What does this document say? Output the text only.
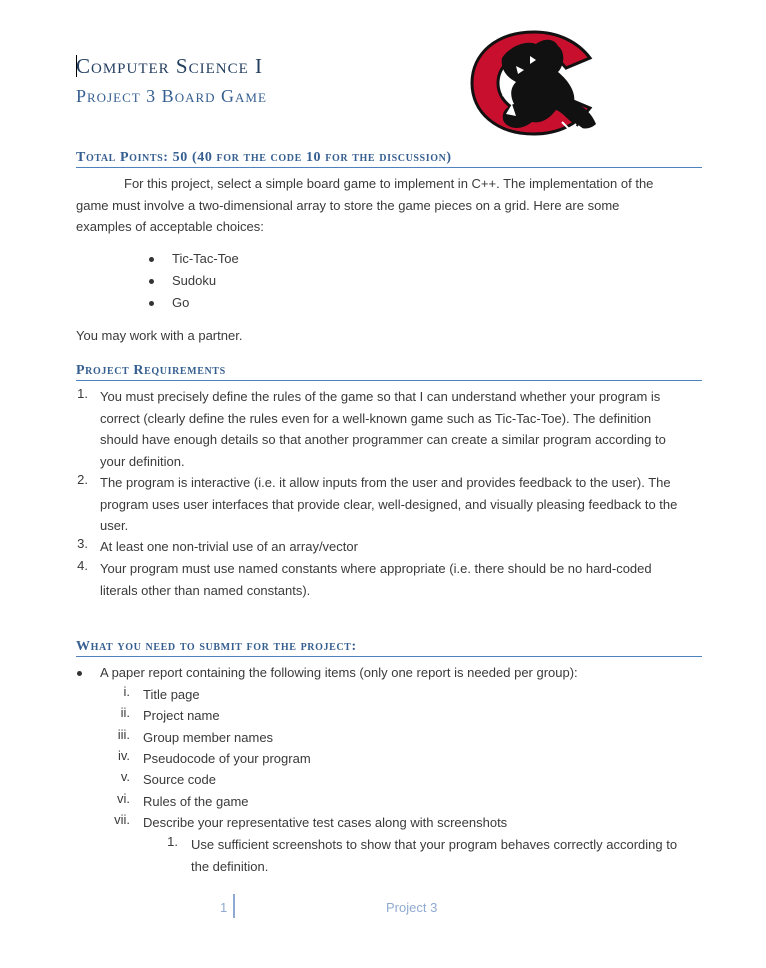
Computer Science I
Project 3 Board Game
Total Points: 50 (40 for the code 10 for the discussion)
For this project, select a simple board game to implement in C++. The implementation of the
game must involve a two-dimensional array to store the game pieces on a grid. Here are some
examples of acceptable choices:
Tic-Tac-Toe
Sudoku
Go
You may work with a partner.
Project Requirements
1. You must precisely define the rules of the game so that I can understand whether your program is
correct (clearly define the rules even for a well-known game such as Tic-Tac-Toe). The definition
should have enough details so that another programmer can create a similar program according to
your definition.
2. The program is interactive (i.e. it allow inputs from the user and provides feedback to the user). The
program uses user interfaces that provide clear, well-designed, and visually pleasing feedback to the
user.
3. At least one non-trivial use of an array/vector
4. Your program must use named constants where appropriate (i.e. there should be no hard-coded
literals other than named constants).
What you need to submit for the project:
A paper report containing the following items (only one report is needed per group):
i. Title page
ii. Project name
iii. Group member names
iv. Pseudocode of your program
v. Source code
vi. Rules of the game
vii. Describe your representative test cases along with screenshots
1. Use sufficient screenshots to show that your program behaves correctly according to
the definition.
1	Project 3
